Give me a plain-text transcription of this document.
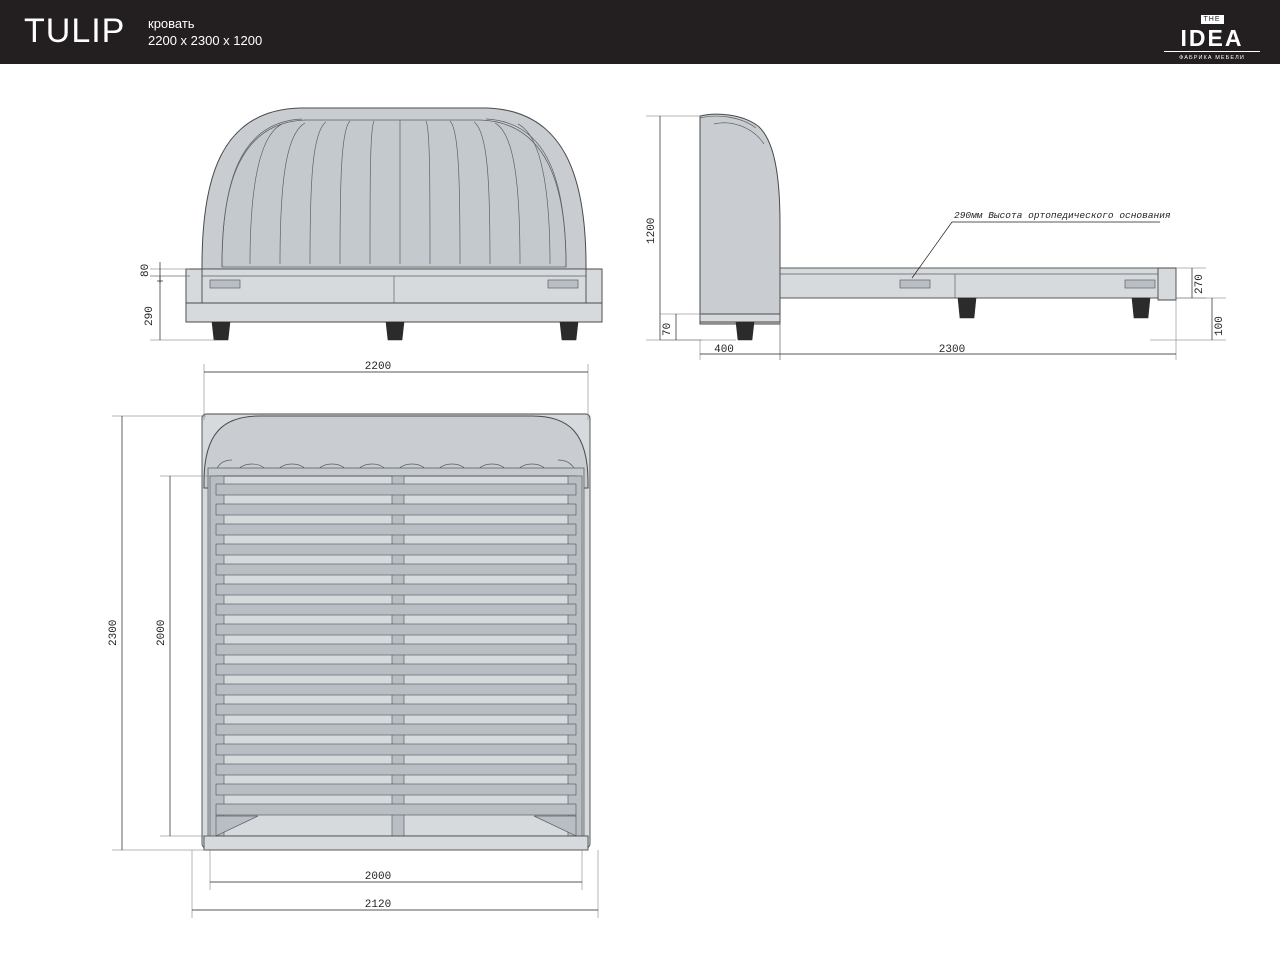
TULIP кровать
2200 x 2300 x 1200
THE
IDEA
ФАБРИКА МЕБЕЛИ
80
290
290мм Высота ортопедического основания
1200
70
400	2300
270
100
2200
2300	2000
2000
2120
